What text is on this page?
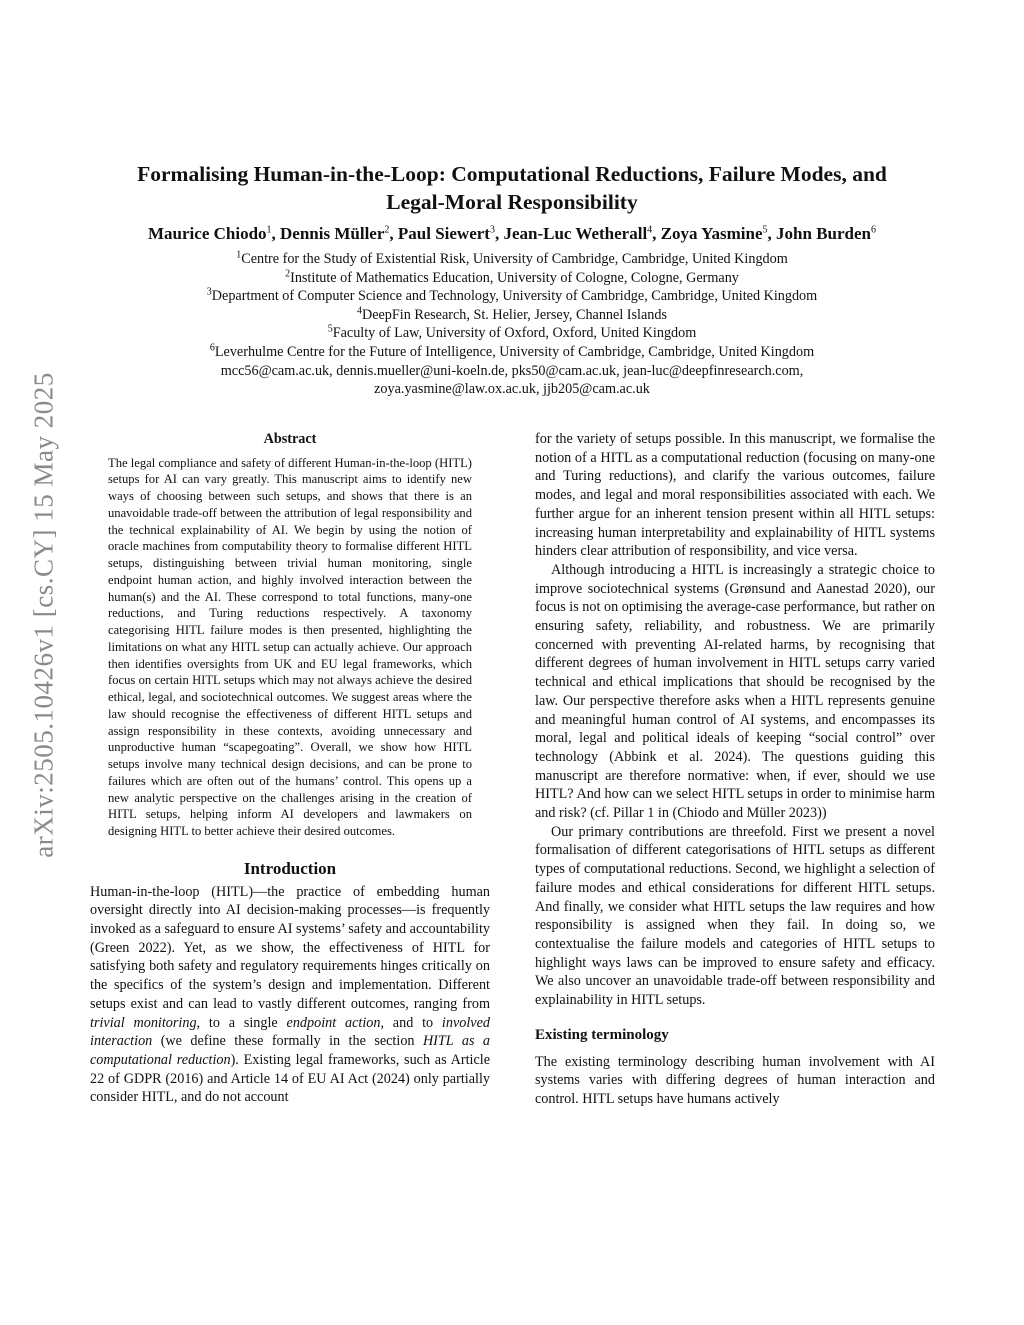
arXiv:2505.10426v1 [cs.CY] 15 May 2025
Formalising Human-in-the-Loop: Computational Reductions, Failure Modes, and
Legal-Moral Responsibility

Maurice Chiodo$^1$, Dennis Müller$^2$, Paul Siewert$^3$, Jean-Luc Wetherall$^4$, Zoya Yasmine$^5$, John Burden$^6$

$^1$Centre for the Study of Existential Risk, University of Cambridge, Cambridge, United Kingdom

$^2$Institute of Mathematics Education, University of Cologne, Cologne, Germany

$^3$Department of Computer Science and Technology, University of Cambridge, Cambridge, United Kingdom

$^4$DeepFin Research, St. Helier, Jersey, Channel Islands

$^5$Faculty of Law, University of Oxford, Oxford, United Kingdom

$^6$Leverhulme Centre for the Future of Intelligence, University of Cambridge, Cambridge, United Kingdom

mcc56@cam.ac.uk, dennis.mueller@uni-koeln.de, pks50@cam.ac.uk, jean-luc@deepfinresearch.com,

zoya.yasmine@law.ox.ac.uk, jjb205@cam.ac.uk

Abstract

The legal compliance and safety of different Human-in-the-loop (HITL) setups for AI can vary greatly. This manuscript aims to identify new ways of choosing between such setups, and shows that there is an unavoidable trade-off between the attribution of legal responsibility and the technical explainability of AI. We begin by using the notion of oracle machines from computability theory to formalise different HITL setups, distinguishing between trivial human monitoring, single endpoint human action, and highly involved interaction between the human(s) and the AI. These correspond to total functions, many-one reductions, and Turing reductions respectively. A taxonomy categorising HITL failure modes is then presented, highlighting the limitations on what any HITL setup can actually achieve. Our approach then identifies oversights from UK and EU legal frameworks, which focus on certain HITL setups which may not always achieve the desired ethical, legal, and sociotechnical outcomes. We suggest areas where the law should recognise the effectiveness of different HITL setups and assign responsibility in these contexts, avoiding unnecessary and unproductive human “scapegoating”. Overall, we show how HITL setups involve many technical design decisions, and can be prone to failures which are often out of the humans’ control. This opens up a new analytic perspective on the challenges arising in the creation of HITL setups, helping inform AI developers and lawmakers on designing HITL to better achieve their desired outcomes.

Introduction

Human-in-the-loop (HITL)—the practice of embedding human oversight directly into AI decision-making processes—is frequently invoked as a safeguard to ensure AI systems’ safety and accountability (Green 2022). Yet, as we show, the effectiveness of HITL for satisfying both safety and regulatory requirements hinges critically on the specifics of the system’s design and implementation. Different setups exist and can lead to vastly different outcomes, ranging from trivial monitoring, to a single endpoint action, and to involved interaction (we define these formally in the section HITL as a computational reduction). Existing legal frameworks, such as Article 22 of GDPR (2016) and Article 14 of EU AI Act (2024) only partially consider HITL, and do not account

for the variety of setups possible. In this manuscript, we formalise the notion of a HITL as a computational reduction (focusing on many-one and Turing reductions), and clarify the various outcomes, failure modes, and legal and moral responsibilities associated with each. We further argue for an inherent tension present within all HITL setups: increasing human interpretability and explainability of HITL systems hinders clear attribution of responsibility, and vice versa.

Although introducing a HITL is increasingly a strategic choice to improve sociotechnical systems (Grønsund and Aanestad 2020), our focus is not on optimising the average-case performance, but rather on ensuring safety, reliability, and robustness. We are primarily concerned with preventing AI-related harms, by recognising that different degrees of human involvement in HITL setups carry varied technical and ethical implications that should be recognised by the law. Our perspective therefore asks when a HITL represents genuine and meaningful human control of AI systems, and encompasses its moral, legal and political ideals of keeping “social control” over technology (Abbink et al. 2024). The questions guiding this manuscript are therefore normative: when, if ever, should we use HITL? And how can we select HITL setups in order to minimise harm and risk? (cf. Pillar 1 in (Chiodo and Müller 2023))

Our primary contributions are threefold. First we present a novel formalisation of different categorisations of HITL setups as different types of computational reductions. Second, we highlight a selection of failure modes and ethical considerations for different HITL setups. And finally, we consider what HITL setups the law requires and how responsibility is assigned when they fail. In doing so, we contextualise the failure models and categories of HITL setups to highlight ways laws can be improved to ensure safety and efficacy. We also uncover an unavoidable trade-off between responsibility and explainability in HITL setups.

Existing terminology

The existing terminology describing human involvement with AI systems varies with differing degrees of human interaction and control. HITL setups have humans actively
